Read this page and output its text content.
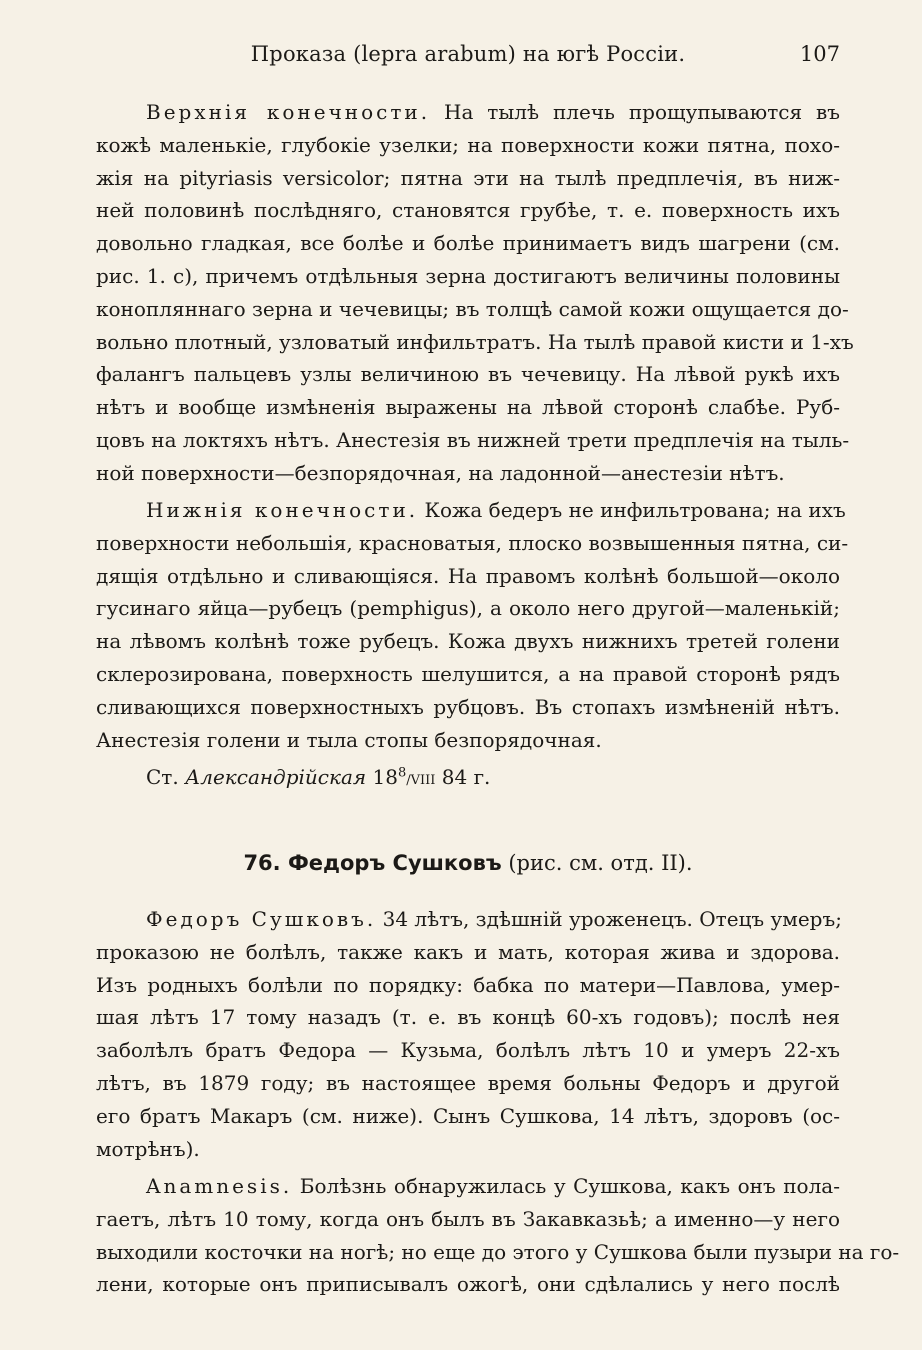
Проказа (lepra arabum) на югѣ Россіи.	107
Верхнія конечности. На тылѣ плечь прощупываются въ
кожѣ маленькіе, глубокіе узелки; на поверхности кожи пятна, похо-
жія на pityriasis versicolor; пятна эти на тылѣ предплечія, въ ниж-
ней половинѣ послѣдняго, становятся грубѣе, т. е. поверхность ихъ
довольно гладкая, все болѣе и болѣе принимаетъ видъ шагрени (см.
рис. 1. с), причемъ отдѣльныя зерна достигаютъ величины половины
конопляннаго зерна и чечевицы; въ толщѣ самой кожи ощущается до-
вольно плотный, узловатый инфильтратъ. На тылѣ правой кисти и 1-хъ
фалангъ пальцевъ узлы величиною въ чечевицу. На лѣвой рукѣ ихъ
нѣтъ и вообще измѣненія выражены на лѣвой сторонѣ слабѣе. Руб-
цовъ на локтяхъ нѣтъ. Анестезія въ нижней трети предплечія на тыль-
ной поверхности—безпорядочная, на ладонной—анестезіи нѣтъ.
Нижнія конечности. Кожа бедеръ не инфильтрована; на ихъ
поверхности небольшія, красноватыя, плоско возвышенныя пятна, си-
дящія отдѣльно и сливающіяся. На правомъ колѣнѣ большой—около
гусинаго яйца—рубецъ (pemphigus), а около него другой—маленькій;
на лѣвомъ колѣнѣ тоже рубецъ. Кожа двухъ нижнихъ третей голени
склерозирована, поверхность шелушится, а на правой сторонѣ рядъ
сливающихся поверхностныхъ рубцовъ. Въ стопахъ измѣненій нѣтъ.
Анестезія голени и тыла стопы безпорядочная.
Ст. Александрійская $18^8$/VIII 84 г.
76. Федоръ Сушковъ (рис. см. отд. II).
Федоръ Сушковъ. 34 лѣтъ, здѣшній уроженецъ. Отецъ умеръ;
проказою не болѣлъ, также какъ и мать, которая жива и здорова.
Изъ родныхъ болѣли по порядку: бабка по матери—Павлова, умер-
шая лѣтъ 17 тому назадъ (т. е. въ концѣ 60-хъ годовъ); послѣ нея
заболѣлъ братъ Федора — Кузьма, болѣлъ лѣтъ 10 и умеръ 22-хъ
лѣтъ, въ 1879 году; въ настоящее время больны Федоръ и другой
его братъ Макаръ (см. ниже). Сынъ Сушкова, 14 лѣтъ, здоровъ (ос-
мотрѣнъ).
Anamnesis. Болѣзнь обнаружилась у Сушкова, какъ онъ пола-
гаетъ, лѣтъ 10 тому, когда онъ былъ въ Закавказьѣ; а именно—у него
выходили косточки на ногѣ; но еще до этого у Сушкова были пузыри на го-
лени, которые онъ приписывалъ ожогѣ, они сдѣлались у него послѣ
